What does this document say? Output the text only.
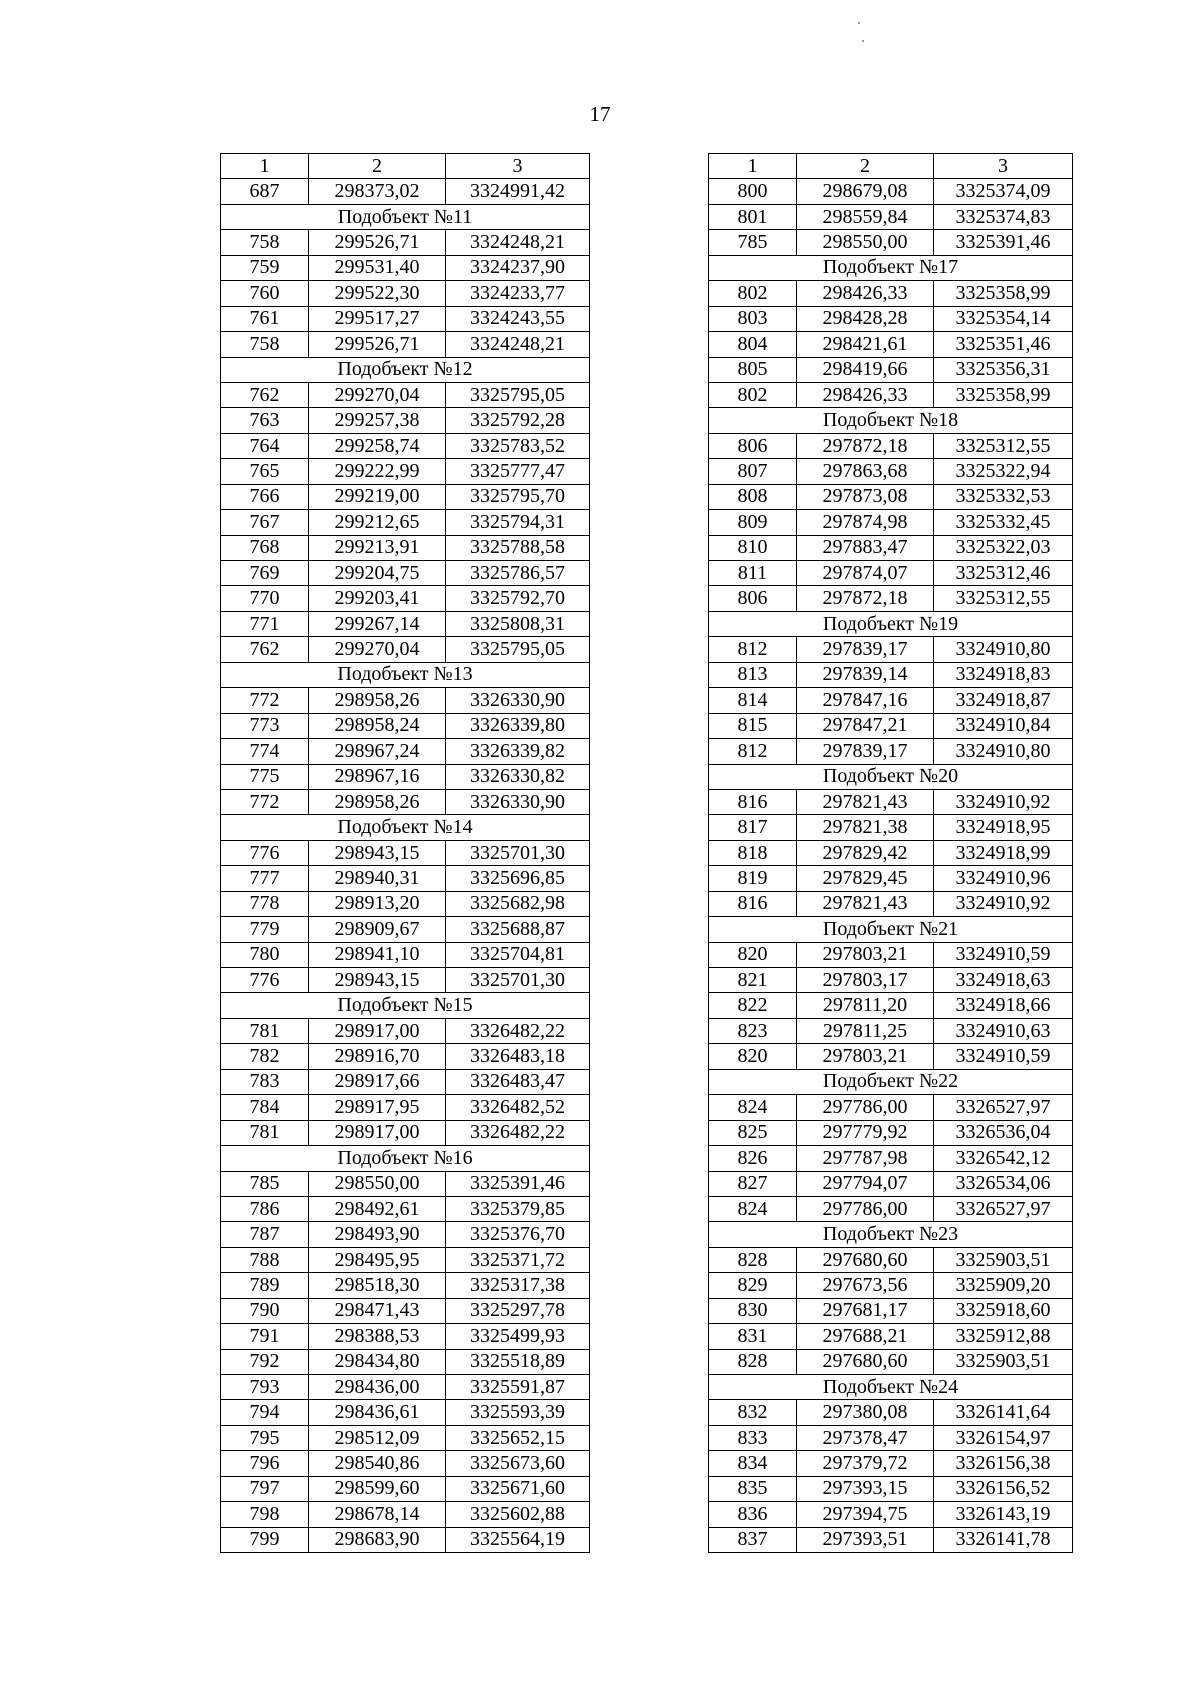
17
1	2	3
687	298373,02	3324991,42
Подобъект №11		
758	299526,71	3324248,21
759	299531,40	3324237,90
760	299522,30	3324233,77
761	299517,27	3324243,55
758	299526,71	3324248,21
Подобъект №12		
762	299270,04	3325795,05
763	299257,38	3325792,28
764	299258,74	3325783,52
765	299222,99	3325777,47
766	299219,00	3325795,70
767	299212,65	3325794,31
768	299213,91	3325788,58
769	299204,75	3325786,57
770	299203,41	3325792,70
771	299267,14	3325808,31
762	299270,04	3325795,05
Подобъект №13		
772	298958,26	3326330,90
773	298958,24	3326339,80
774	298967,24	3326339,82
775	298967,16	3326330,82
772	298958,26	3326330,90
Подобъект №14		
776	298943,15	3325701,30
777	298940,31	3325696,85
778	298913,20	3325682,98
779	298909,67	3325688,87
780	298941,10	3325704,81
776	298943,15	3325701,30
Подобъект №15		
781	298917,00	3326482,22
782	298916,70	3326483,18
783	298917,66	3326483,47
784	298917,95	3326482,52
781	298917,00	3326482,22
Подобъект №16		
785	298550,00	3325391,46
786	298492,61	3325379,85
787	298493,90	3325376,70
788	298495,95	3325371,72
789	298518,30	3325317,38
790	298471,43	3325297,78
791	298388,53	3325499,93
792	298434,80	3325518,89
793	298436,00	3325591,87
794	298436,61	3325593,39
795	298512,09	3325652,15
796	298540,86	3325673,60
797	298599,60	3325671,60
798	298678,14	3325602,88
799	298683,90	3325564,19
1	2	3
800	298679,08	3325374,09
801	298559,84	3325374,83
785	298550,00	3325391,46
Подобъект №17		
802	298426,33	3325358,99
803	298428,28	3325354,14
804	298421,61	3325351,46
805	298419,66	3325356,31
802	298426,33	3325358,99
Подобъект №18		
806	297872,18	3325312,55
807	297863,68	3325322,94
808	297873,08	3325332,53
809	297874,98	3325332,45
810	297883,47	3325322,03
811	297874,07	3325312,46
806	297872,18	3325312,55
Подобъект №19		
812	297839,17	3324910,80
813	297839,14	3324918,83
814	297847,16	3324918,87
815	297847,21	3324910,84
812	297839,17	3324910,80
Подобъект №20		
816	297821,43	3324910,92
817	297821,38	3324918,95
818	297829,42	3324918,99
819	297829,45	3324910,96
816	297821,43	3324910,92
Подобъект №21		
820	297803,21	3324910,59
821	297803,17	3324918,63
822	297811,20	3324918,66
823	297811,25	3324910,63
820	297803,21	3324910,59
Подобъект №22		
824	297786,00	3326527,97
825	297779,92	3326536,04
826	297787,98	3326542,12
827	297794,07	3326534,06
824	297786,00	3326527,97
Подобъект №23		
828	297680,60	3325903,51
829	297673,56	3325909,20
830	297681,17	3325918,60
831	297688,21	3325912,88
828	297680,60	3325903,51
Подобъект №24		
832	297380,08	3326141,64
833	297378,47	3326154,97
834	297379,72	3326156,38
835	297393,15	3326156,52
836	297394,75	3326143,19
837	297393,51	3326141,78
